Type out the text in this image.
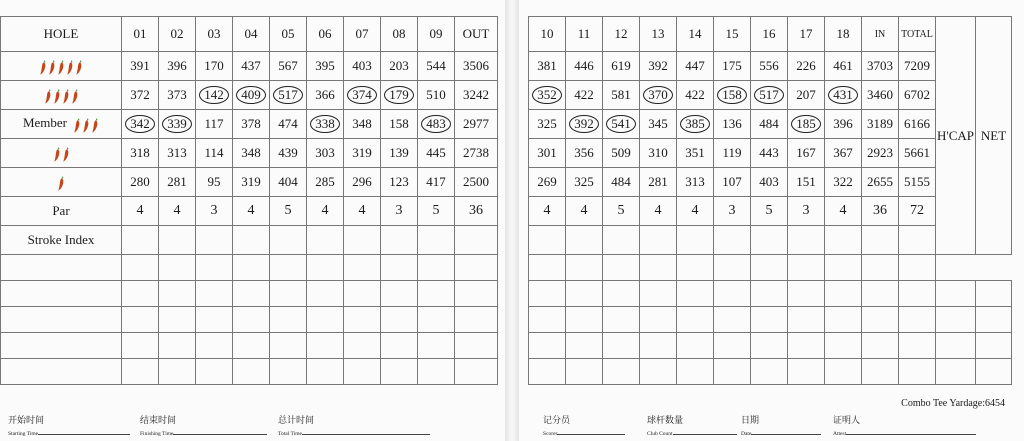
HOLE	01	02	03	04	05	06	07	08	09	OUT

	391	396	170	437	567	395	403	203	544	3506

	372	373	142	409	517	366	374	179	510	3242
Member	342	339	117	378	474	338	348	158	483	2977

	318	313	114	348	439	303	319	139	445	2738

	280	281	95	319	404	285	296	123	417	2500
Par	4	4	3	4	5	4	4	3	5	36
Stroke Index										

开始时间
Starting Time
结束时间
Finishing Time
总计时间
Total Time
10	11	12	13	14	15	16	17	18	IN	TOTAL	H'CAP	NET
381	446	619	392	447	175	556	226	461	3703	7209		
352	422	581	370	422	158	517	207	431	3460	6702		
325	392	541	345	385	136	484	185	396	3189	6166		
301	356	509	310	351	119	443	167	367	2923	5661		
269	325	484	281	313	107	403	151	322	2655	5155		
4	4	5	4	4	3	5	3	4	36	72		

Combo Tee Yardage:6454
记分员
Scorer
球杆数量
Club Count
日期
Date
证明人
Attest
